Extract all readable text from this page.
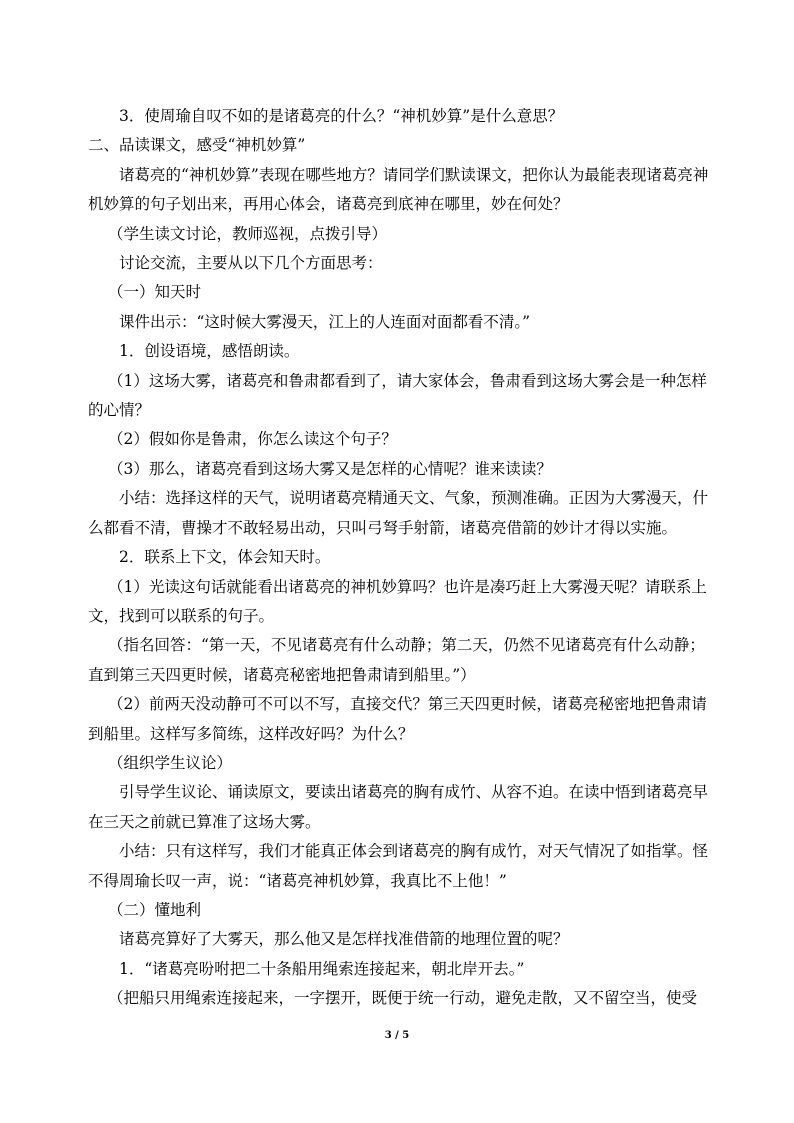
3．使周瑜自叹不如的是诸葛亮的什么？“神机妙算”是什么意思？

二、品读课文，感受“神机妙算”

诸葛亮的“神机妙算”表现在哪些地方？请同学们默读课文，把你认为最能表现诸葛亮神机妙算的句子划出来，再用心体会，诸葛亮到底神在哪里，妙在何处？

（学生读文讨论，教师巡视，点拨引导）

讨论交流，主要从以下几个方面思考：

（一）知天时

课件出示：“这时候大雾漫天，江上的人连面对面都看不清。”

1．创设语境，感悟朗读。

（1）这场大雾，诸葛亮和鲁肃都看到了，请大家体会，鲁肃看到这场大雾会是一种怎样的心情？

（2）假如你是鲁肃，你怎么读这个句子？

（3）那么，诸葛亮看到这场大雾又是怎样的心情呢？谁来读读？

小结：选择这样的天气，说明诸葛亮精通天文、气象，预测准确。正因为大雾漫天，什么都看不清，曹操才不敢轻易出动，只叫弓弩手射箭，诸葛亮借箭的妙计才得以实施。

2．联系上下文，体会知天时。

（1）光读这句话就能看出诸葛亮的神机妙算吗？也许是凑巧赶上大雾漫天呢？请联系上文，找到可以联系的句子。

（指名回答：“第一天，不见诸葛亮有什么动静；第二天，仍然不见诸葛亮有什么动静；直到第三天四更时候，诸葛亮秘密地把鲁肃请到船里。”）

（2）前两天没动静可不可以不写，直接交代？第三天四更时候，诸葛亮秘密地把鲁肃请到船里。这样写多简练，这样改好吗？为什么？

（组织学生议论）

引导学生议论、诵读原文，要读出诸葛亮的胸有成竹、从容不迫。在读中悟到诸葛亮早在三天之前就已算准了这场大雾。

小结：只有这样写，我们才能真正体会到诸葛亮的胸有成竹，对天气情况了如指掌。怪不得周瑜长叹一声，说：“诸葛亮神机妙算，我真比不上他！”

（二）懂地利

诸葛亮算好了大雾天，那么他又是怎样找准借箭的地理位置的呢？

1．“诸葛亮吩咐把二十条船用绳索连接起来，朝北岸开去。”

（把船只用绳索连接起来，一字摆开，既便于统一行动，避免走散，又不留空当，使受

3 / 5
